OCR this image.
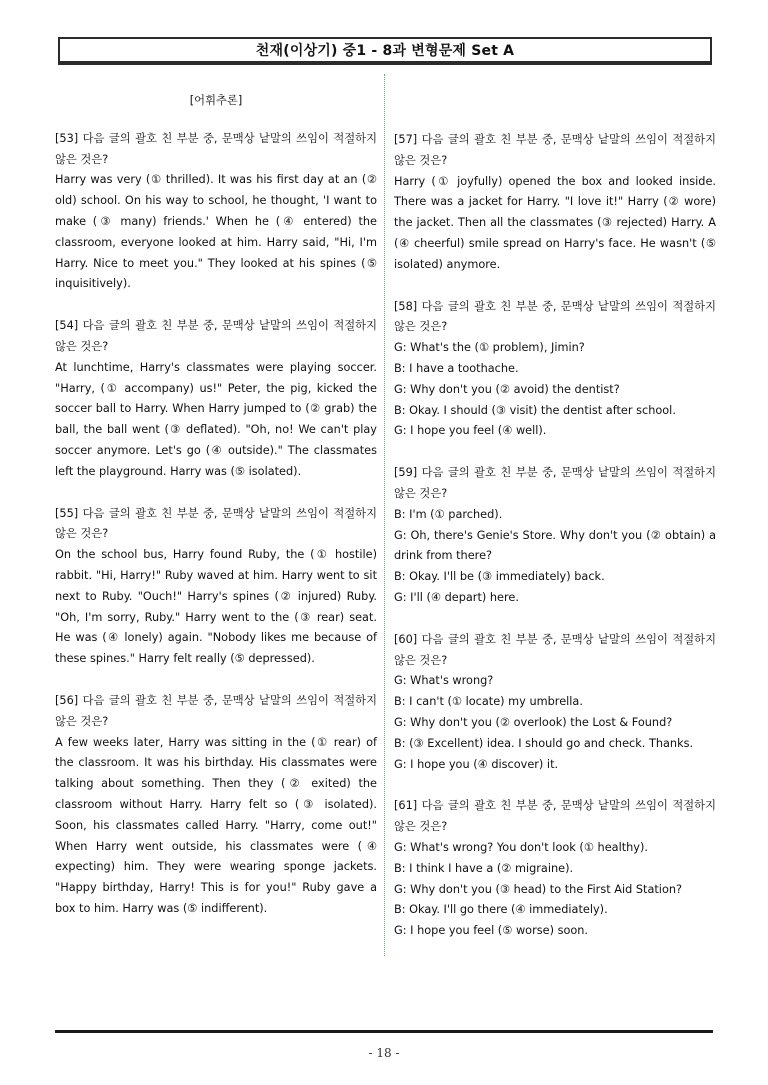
천재(이상기) 중1 - 8과 변형문제 Set A
[어휘추론]

[53] 다음 글의 괄호 친 부분 중, 문맥상 낱말의 쓰임이 적절하지 않은 것은?

Harry was very (① thrilled). It was his first day at an (② old) school. On his way to school, he thought, 'I want to make (③ many) friends.' When he (④ entered) the classroom, everyone looked at him. Harry said, "Hi, I'm Harry. Nice to meet you." They looked at his spines (⑤ inquisitively).

[54] 다음 글의 괄호 친 부분 중, 문맥상 낱말의 쓰임이 적절하지 않은 것은?

At lunchtime, Harry's classmates were playing soccer. "Harry, (① accompany) us!" Peter, the pig, kicked the soccer ball to Harry. When Harry jumped to (② grab) the ball, the ball went (③ deflated). "Oh, no! We can't play soccer anymore. Let's go (④ outside)." The classmates left the playground. Harry was (⑤ isolated).

[55] 다음 글의 괄호 친 부분 중, 문맥상 낱말의 쓰임이 적절하지 않은 것은?

On the school bus, Harry found Ruby, the (① hostile) rabbit. "Hi, Harry!" Ruby waved at him. Harry went to sit next to Ruby. "Ouch!" Harry's spines (② injured) Ruby. "Oh, I'm sorry, Ruby." Harry went to the (③ rear) seat. He was (④ lonely) again. "Nobody likes me because of these spines." Harry felt really (⑤ depressed).

[56] 다음 글의 괄호 친 부분 중, 문맥상 낱말의 쓰임이 적절하지 않은 것은?

A few weeks later, Harry was sitting in the (① rear) of the classroom. It was his birthday. His classmates were talking about something. Then they (② exited) the classroom without Harry. Harry felt so (③ isolated). Soon, his classmates called Harry. "Harry, come out!" When Harry went outside, his classmates were (④ expecting) him. They were wearing sponge jackets. "Happy birthday, Harry! This is for you!" Ruby gave a box to him. Harry was (⑤ indifferent).

[57] 다음 글의 괄호 친 부분 중, 문맥상 낱말의 쓰임이 적절하지 않은 것은?

Harry (① joyfully) opened the box and looked inside. There was a jacket for Harry. "I love it!" Harry (② wore) the jacket. Then all the classmates (③ rejected) Harry. A (④ cheerful) smile spread on Harry's face. He wasn't (⑤ isolated) anymore.

[58] 다음 글의 괄호 친 부분 중, 문맥상 낱말의 쓰임이 적절하지 않은 것은?

G: What's the (① problem), Jimin?

B: I have a toothache.

G: Why don't you (② avoid) the dentist?

B: Okay. I should (③ visit) the dentist after school.

G: I hope you feel (④ well).

[59] 다음 글의 괄호 친 부분 중, 문맥상 낱말의 쓰임이 적절하지 않은 것은?

B: I'm (① parched).

G: Oh, there's Genie's Store. Why don't you (② obtain) a drink from there?

B: Okay. I'll be (③ immediately) back.

G: I'll (④ depart) here.

[60] 다음 글의 괄호 친 부분 중, 문맥상 낱말의 쓰임이 적절하지 않은 것은?

G: What's wrong?

B: I can't (① locate) my umbrella.

G: Why don't you (② overlook) the Lost & Found?

B: (③ Excellent) idea. I should go and check. Thanks.

G: I hope you (④ discover) it.

[61] 다음 글의 괄호 친 부분 중, 문맥상 낱말의 쓰임이 적절하지 않은 것은?

G: What's wrong? You don't look (① healthy).

B: I think I have a (② migraine).

G: Why don't you (③ head) to the First Aid Station?

B: Okay. I'll go there (④ immediately).

G: I hope you feel (⑤ worse) soon.

- 18 -
